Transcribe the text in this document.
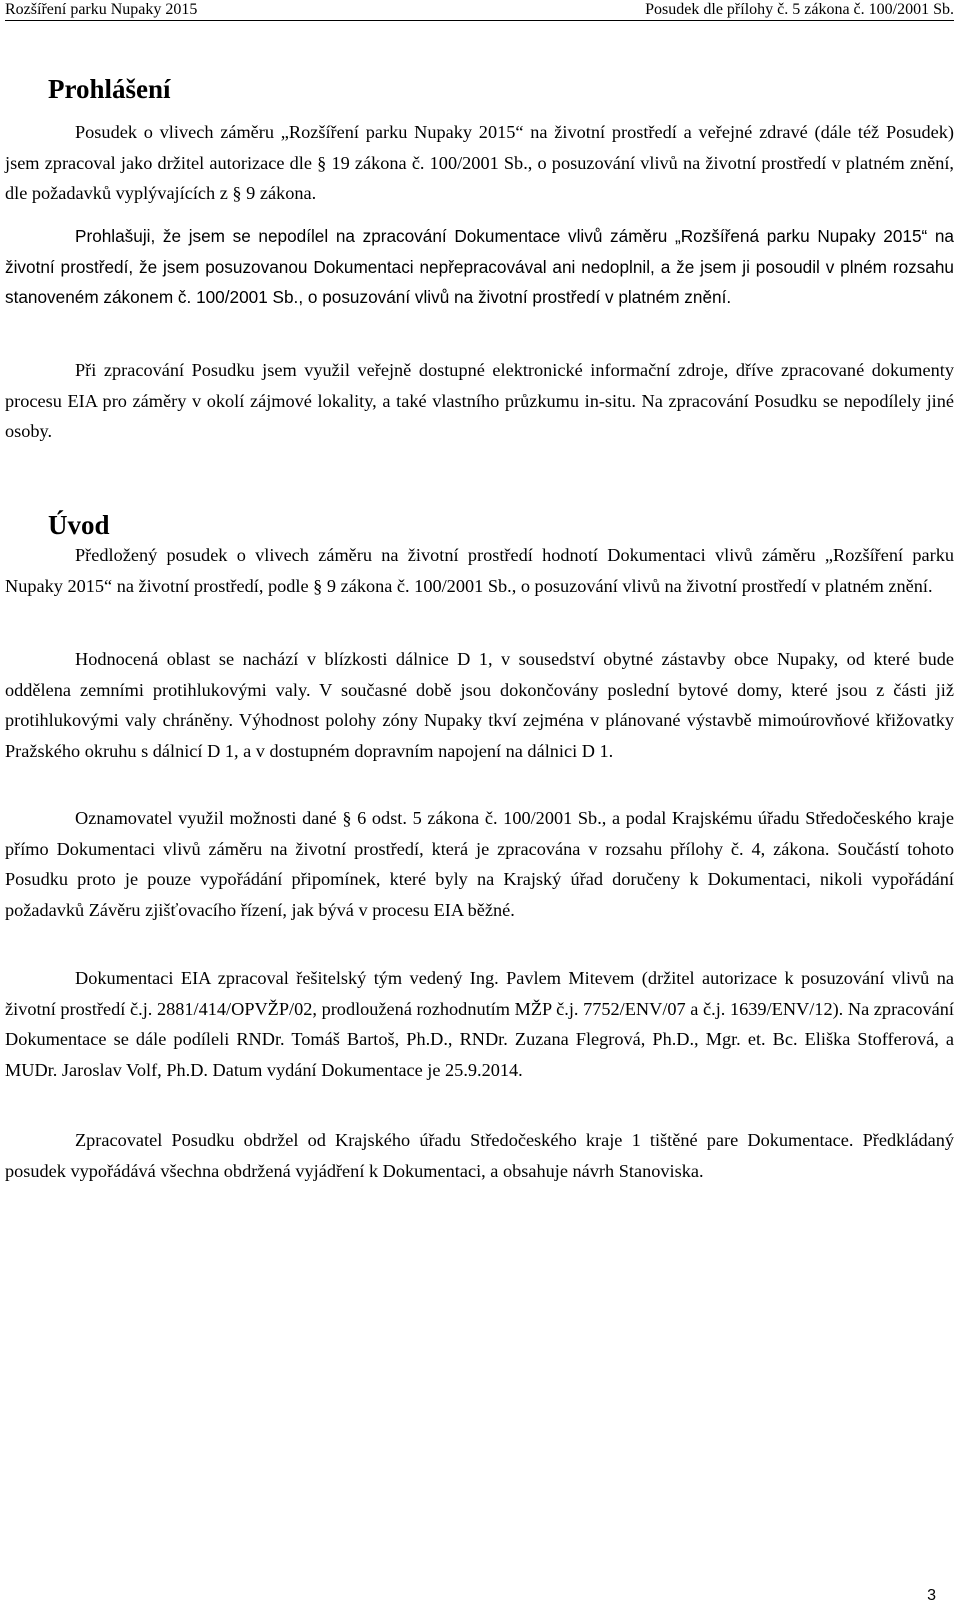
Rozšíření parku Nupaky 2015	Posudek dle přílohy č. 5 zákona č. 100/2001 Sb.
Prohlášení

Posudek o vlivech záměru „Rozšíření parku Nupaky 2015“ na životní prostředí a veřejné zdravé (dále též Posudek) jsem zpracoval jako držitel autorizace dle § 19 zákona č. 100/2001 Sb., o posuzování vlivů na životní prostředí v platném znění, dle požadavků vyplývajících z § 9 zákona.

Prohlašuji, že jsem se nepodílel na zpracování Dokumentace vlivů záměru „Rozšířená parku Nupaky 2015“ na životní prostředí, že jsem posuzovanou Dokumentaci nepřepracovával ani nedoplnil, a že jsem ji posoudil v plném rozsahu stanoveném zákonem č. 100/2001 Sb., o posuzování vlivů na životní prostředí v platném znění.

Při zpracování Posudku jsem využil veřejně dostupné elektronické informační zdroje, dříve zpracované dokumenty procesu EIA pro záměry v okolí zájmové lokality, a také vlastního průzkumu in-situ. Na zpracování Posudku se nepodílely jiné osoby.

Úvod

Předložený posudek o vlivech záměru na životní prostředí hodnotí Dokumentaci vlivů záměru „Rozšíření parku Nupaky 2015“ na životní prostředí, podle § 9 zákona č. 100/2001 Sb., o posuzování vlivů na životní prostředí v platném znění.

Hodnocená oblast se nachází v blízkosti dálnice D 1, v sousedství obytné zástavby obce Nupaky, od které bude oddělena zemními protihlukovými valy. V současné době jsou dokončovány poslední bytové domy, které jsou z části již protihlukovými valy chráněny. Výhodnost polohy zóny Nupaky tkví zejména v plánované výstavbě mimoúrovňové křižovatky Pražského okruhu s dálnicí D 1, a v dostupném dopravním napojení na dálnici D 1.

Oznamovatel využil možnosti dané § 6 odst. 5 zákona č. 100/2001 Sb., a podal Krajskému úřadu Středočeského kraje přímo Dokumentaci vlivů záměru na životní prostředí, která je zpracována v rozsahu přílohy č. 4, zákona. Součástí tohoto Posudku proto je pouze vypořádání připomínek, které byly na Krajský úřad doručeny k Dokumentaci, nikoli vypořádání požadavků Závěru zjišťovacího řízení, jak bývá v procesu EIA běžné.

Dokumentaci EIA zpracoval řešitelský tým vedený Ing. Pavlem Mitevem (držitel autorizace k posuzování vlivů na životní prostředí č.j. 2881/414/OPVŽP/02, prodloužená rozhodnutím MŽP č.j. 7752/ENV/07 a č.j. 1639/ENV/12). Na zpracování Dokumentace se dále podíleli RNDr. Tomáš Bartoš, Ph.D., RNDr. Zuzana Flegrová, Ph.D., Mgr. et. Bc. Eliška Stofferová, a MUDr. Jaroslav Volf, Ph.D. Datum vydání Dokumentace je 25.9.2014.

Zpracovatel Posudku obdržel od Krajského úřadu Středočeského kraje 1 tištěné pare Dokumentace. Předkládaný posudek vypořádává všechna obdržená vyjádření k Dokumentaci, a obsahuje návrh Stanoviska.

3
